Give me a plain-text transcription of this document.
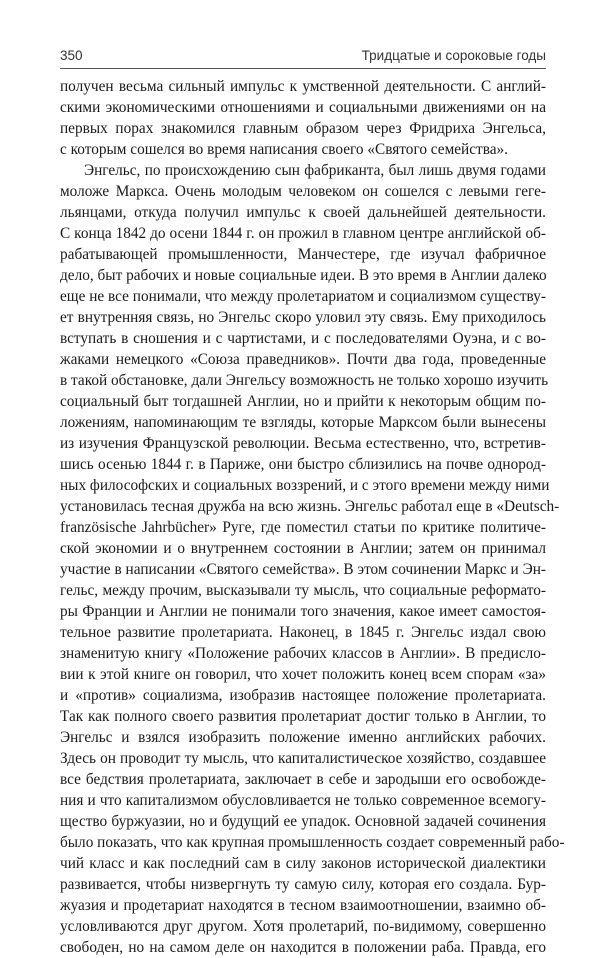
350	Тридцатые и сороковые годы

получен весьма сильный импульс к умственной деятельности. С англий-
скими экономическими отношениями и социальными движениями он на
первых порах знакомился главным образом через Фридриха Энгельса,
с которым сошелся во время написания своего «Святого семейства».

Энгельс, по происхождению сын фабриканта, был лишь двумя годами
моложе Маркса. Очень молодым человеком он сошелся с левыми геге-
льянцами, откуда получил импульс к своей дальнейшей деятельности.
С конца 1842 до осени 1844 г. он прожил в главном центре английской об-
рабатывающей промышленности, Манчестере, где изучал фабричное
дело, быт рабочих и новые социальные идеи. В это время в Англии далеко
еще не все понимали, что между пролетариатом и социализмом существу-
ет внутренняя связь, но Энгельс скоро уловил эту связь. Ему приходилось
вступать в сношения и с чартистами, и с последователями Оуэна, и с во-
жаками немецкого «Союза праведников». Почти два года, проведенные
в такой обстановке, дали Энгельсу возможность не только хорошо изучить
социальный быт тогдашней Англии, но и прийти к некоторым общим по-
ложениям, напоминающим те взгляды, которые Марксом были вынесены
из изучения Французской революции. Весьма естественно, что, встретив-
шись осенью 1844 г. в Париже, они быстро сблизились на почве однород-
ных философских и социальных воззрений, и с этого времени между ними
установилась тесная дружба на всю жизнь. Энгельс работал еще в «Deutsch-
französische Jahrbücher» Руге, где поместил статьи по критике политиче-
ской экономии и о внутреннем состоянии в Англии; затем он принимал
участие в написании «Святого семейства». В этом сочинении Маркс и Эн-
гельс, между прочим, высказывали ту мысль, что социальные реформато-
ры Франции и Англии не понимали того значения, какое имеет самостоя-
тельное развитие пролетариата. Наконец, в 1845 г. Энгельс издал свою
знаменитую книгу «Положение рабочих классов в Англии». В предисло-
вии к этой книге он говорил, что хочет положить конец всем спорам «за»
и «против» социализма, изобразив настоящее положение пролетариата.
Так как полного своего развития пролетариат достиг только в Англии, то
Энгельс и взялся изобразить положение именно английских рабочих.
Здесь он проводит ту мысль, что капиталистическое хозяйство, создавшее
все бедствия пролетариата, заключает в себе и зародыши его освобожде-
ния и что капитализмом обусловливается не только современное всемогу-
щество буржуазии, но и будущий ее упадок. Основной задачей сочинения
было показать, что как крупная промышленность создает современный рабо-
чий класс и как последний сам в силу законов исторической диалектики
развивается, чтобы низвергнуть ту самую силу, которая его создала. Бур-
жуазия и продетариат находятся в тесном взаимоотношении, взаимно об-
условливаются друг другом. Хотя пролетарий, по-видимому, совершенно
свободен, но на самом деле он находится в положении раба. Правда, его
